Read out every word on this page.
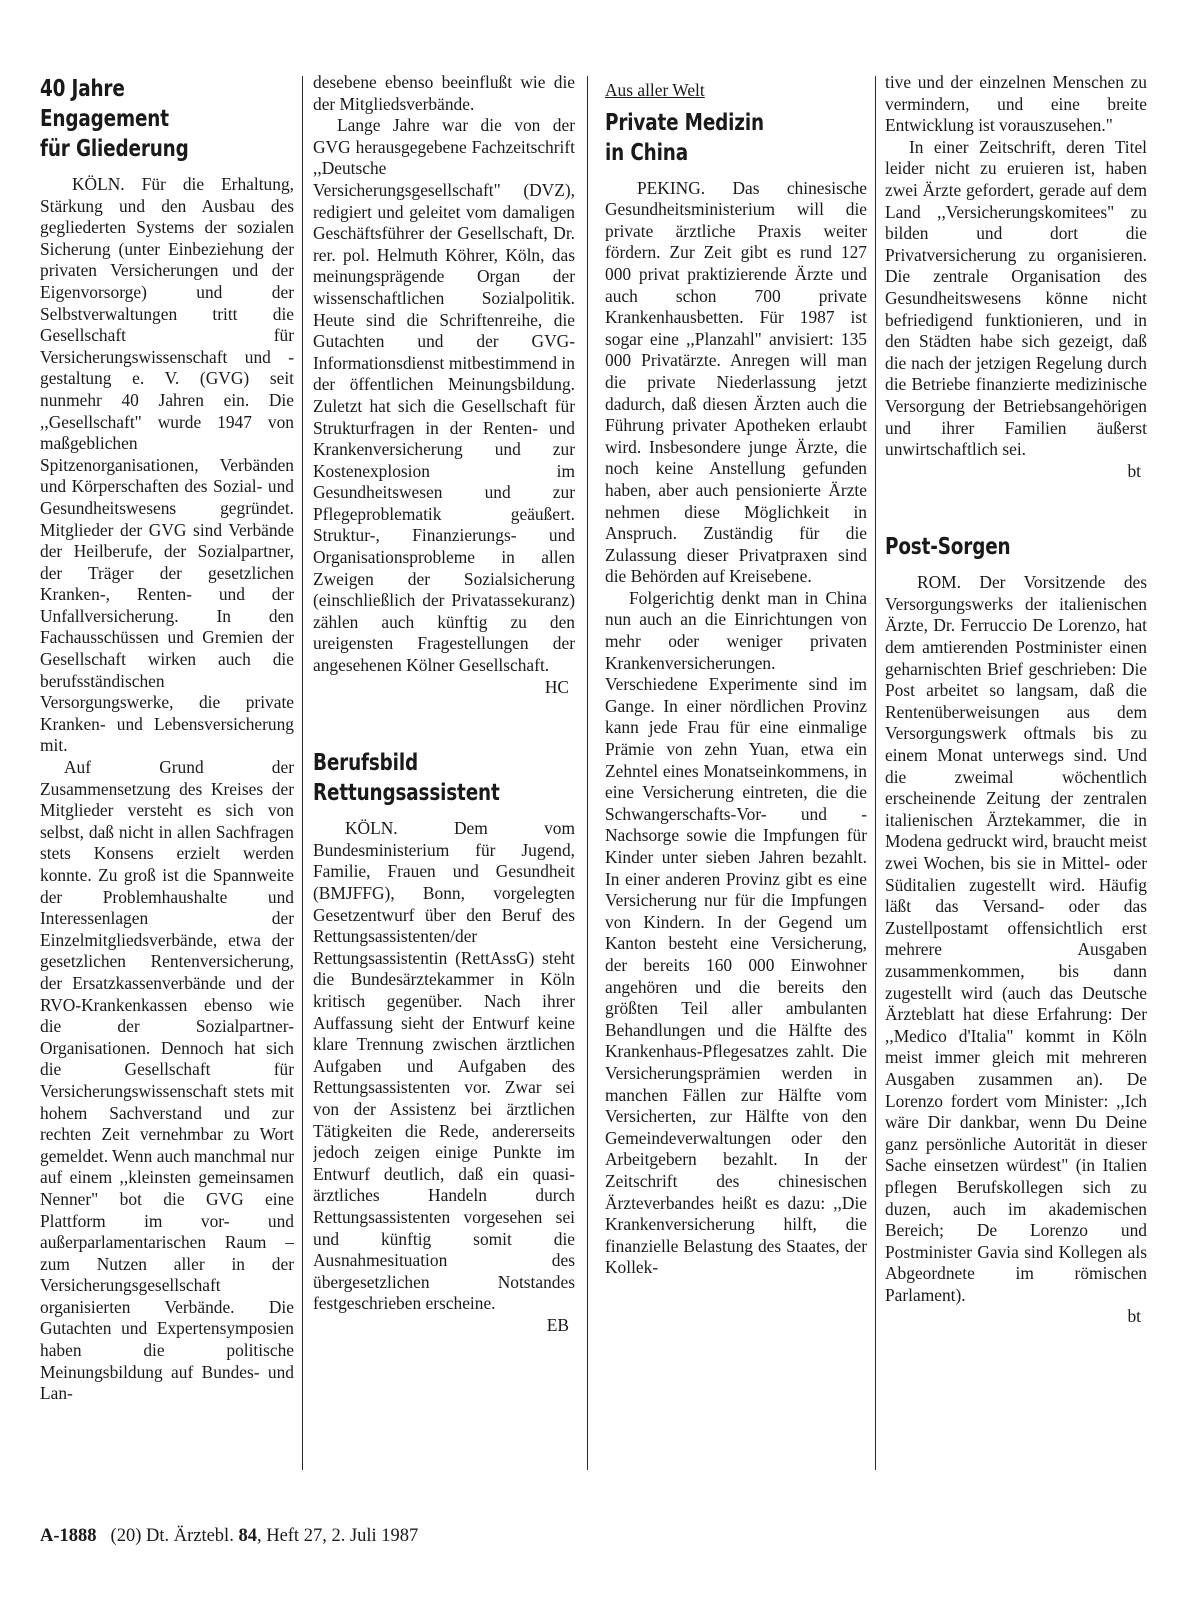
40 Jahre
Engagement
für Gliederung

KÖLN. Für die Erhaltung, Stärkung und den Ausbau des gegliederten Systems der sozialen Sicherung (unter Einbeziehung der privaten Versicherungen und der Eigenvorsorge) und der Selbstverwaltungen tritt die Gesellschaft für Versicherungswissenschaft und -gestaltung e. V. (GVG) seit nunmehr 40 Jahren ein. Die ,,Gesellschaft" wurde 1947 von maßgeblichen Spitzenorganisationen, Verbänden und Körperschaften des Sozial- und Gesundheitswesens gegründet. Mitglieder der GVG sind Verbände der Heilberufe, der Sozialpartner, der Träger der gesetzlichen Kranken-, Renten- und der Unfallversicherung. In den Fachausschüssen und Gremien der Gesellschaft wirken auch die berufsständischen Versorgungswerke, die private Kranken- und Lebensversicherung mit.

Auf Grund der Zusammensetzung des Kreises der Mitglieder versteht es sich von selbst, daß nicht in allen Sachfragen stets Konsens erzielt werden konnte. Zu groß ist die Spannweite der Problemhaushalte und Interessenlagen der Einzelmitgliedsverbände, etwa der gesetzlichen Rentenversicherung, der Ersatzkassenverbände und der RVO-Krankenkassen ebenso wie die der Sozialpartner-Organisationen. Dennoch hat sich die Gesellschaft für Versicherungswissenschaft stets mit hohem Sachverstand und zur rechten Zeit vernehmbar zu Wort gemeldet. Wenn auch manchmal nur auf einem ,,kleinsten gemeinsamen Nenner" bot die GVG eine Plattform im vor- und außerparlamentarischen Raum – zum Nutzen aller in der Versicherungsgesellschaft organisierten Verbände. Die Gutachten und Expertensymposien haben die politische Meinungsbildung auf Bundes- und Lan-

desebene ebenso beeinflußt wie die der Mitgliedsverbände.

Lange Jahre war die von der GVG herausgegebene Fachzeitschrift ,,Deutsche Versicherungsgesellschaft" (DVZ), redigiert und geleitet vom damaligen Geschäftsführer der Gesellschaft, Dr. rer. pol. Helmuth Köhrer, Köln, das meinungsprägende Organ der wissenschaftlichen Sozialpolitik. Heute sind die Schriftenreihe, die Gutachten und der GVG-Informationsdienst mitbestimmend in der öffentlichen Meinungsbildung. Zuletzt hat sich die Gesellschaft für Strukturfragen in der Renten- und Krankenversicherung und zur Kostenexplosion im Gesundheitswesen und zur Pflegeproblematik geäußert. Struktur-, Finanzierungs- und Organisationsprobleme in allen Zweigen der Sozialsicherung (einschließlich der Privatassekuranz) zählen auch künftig zu den ureigensten Fragestellungen der angesehenen Kölner Gesellschaft.

HC

Berufsbild
Rettungsassistent

KÖLN. Dem vom Bundesministerium für Jugend, Familie, Frauen und Gesundheit (BMJFFG), Bonn, vorgelegten Gesetzentwurf über den Beruf des Rettungsassistenten/der Rettungsassistentin (RettAssG) steht die Bundesärztekammer in Köln kritisch gegenüber. Nach ihrer Auffassung sieht der Entwurf keine klare Trennung zwischen ärztlichen Aufgaben und Aufgaben des Rettungsassistenten vor. Zwar sei von der Assistenz bei ärztlichen Tätigkeiten die Rede, andererseits jedoch zeigen einige Punkte im Entwurf deutlich, daß ein quasi-ärztliches Handeln durch Rettungsassistenten vorgesehen sei und künftig somit die Ausnahmesituation des übergesetzlichen Notstandes festgeschrieben erscheine.

EB

Aus aller Welt
Private Medizin
in China

PEKING. Das chinesische Gesundheitsministerium will die private ärztliche Praxis weiter fördern. Zur Zeit gibt es rund 127 000 privat praktizierende Ärzte und auch schon 700 private Krankenhausbetten. Für 1987 ist sogar eine ,,Planzahl" anvisiert: 135 000 Privatärzte. Anregen will man die private Niederlassung jetzt dadurch, daß diesen Ärzten auch die Führung privater Apotheken erlaubt wird. Insbesondere junge Ärzte, die noch keine Anstellung gefunden haben, aber auch pensionierte Ärzte nehmen diese Möglichkeit in Anspruch. Zuständig für die Zulassung dieser Privatpraxen sind die Behörden auf Kreisebene.

Folgerichtig denkt man in China nun auch an die Einrichtungen von mehr oder weniger privaten Krankenversicherungen. Verschiedene Experimente sind im Gange. In einer nördlichen Provinz kann jede Frau für eine einmalige Prämie von zehn Yuan, etwa ein Zehntel eines Monatseinkommens, in eine Versicherung eintreten, die die Schwangerschafts-Vor- und -Nachsorge sowie die Impfungen für Kinder unter sieben Jahren bezahlt. In einer anderen Provinz gibt es eine Versicherung nur für die Impfungen von Kindern. In der Gegend um Kanton besteht eine Versicherung, der bereits 160 000 Einwohner angehören und die bereits den größten Teil aller ambulanten Behandlungen und die Hälfte des Krankenhaus-Pflegesatzes zahlt. Die Versicherungsprämien werden in manchen Fällen zur Hälfte vom Versicherten, zur Hälfte von den Gemeindeverwaltungen oder den Arbeitgebern bezahlt. In der Zeitschrift des chinesischen Ärzteverbandes heißt es dazu: ,,Die Krankenversicherung hilft, die finanzielle Belastung des Staates, der Kollek-

tive und der einzelnen Menschen zu vermindern, und eine breite Entwicklung ist vorauszusehen."

In einer Zeitschrift, deren Titel leider nicht zu eruieren ist, haben zwei Ärzte gefordert, gerade auf dem Land ,,Versicherungskomitees" zu bilden und dort die Privatversicherung zu organisieren. Die zentrale Organisation des Gesundheitswesens könne nicht befriedigend funktionieren, und in den Städten habe sich gezeigt, daß die nach der jetzigen Regelung durch die Betriebe finanzierte medizinische Versorgung der Betriebsangehörigen und ihrer Familien äußerst unwirtschaftlich sei.

bt

Post-Sorgen

ROM. Der Vorsitzende des Versorgungswerks der italienischen Ärzte, Dr. Ferruccio De Lorenzo, hat dem amtierenden Postminister einen geharnischten Brief geschrieben: Die Post arbeitet so langsam, daß die Rentenüberweisungen aus dem Versorgungswerk oftmals bis zu einem Monat unterwegs sind. Und die zweimal wöchentlich erscheinende Zeitung der zentralen italienischen Ärztekammer, die in Modena gedruckt wird, braucht meist zwei Wochen, bis sie in Mittel- oder Süditalien zugestellt wird. Häufig läßt das Versand- oder das Zustellpostamt offensichtlich erst mehrere Ausgaben zusammenkommen, bis dann zugestellt wird (auch das Deutsche Ärzteblatt hat diese Erfahrung: Der ,,Medico d'Italia" kommt in Köln meist immer gleich mit mehreren Ausgaben zusammen an). De Lorenzo fordert vom Minister: ,,Ich wäre Dir dankbar, wenn Du Deine ganz persönliche Autorität in dieser Sache einsetzen würdest" (in Italien pflegen Berufskollegen sich zu duzen, auch im akademischen Bereich; De Lorenzo und Postminister Gavia sind Kollegen als Abgeordnete im römischen Parlament).

bt

A-1888 (20) Dt. Ärztebl. 84, Heft 27, 2. Juli 1987
